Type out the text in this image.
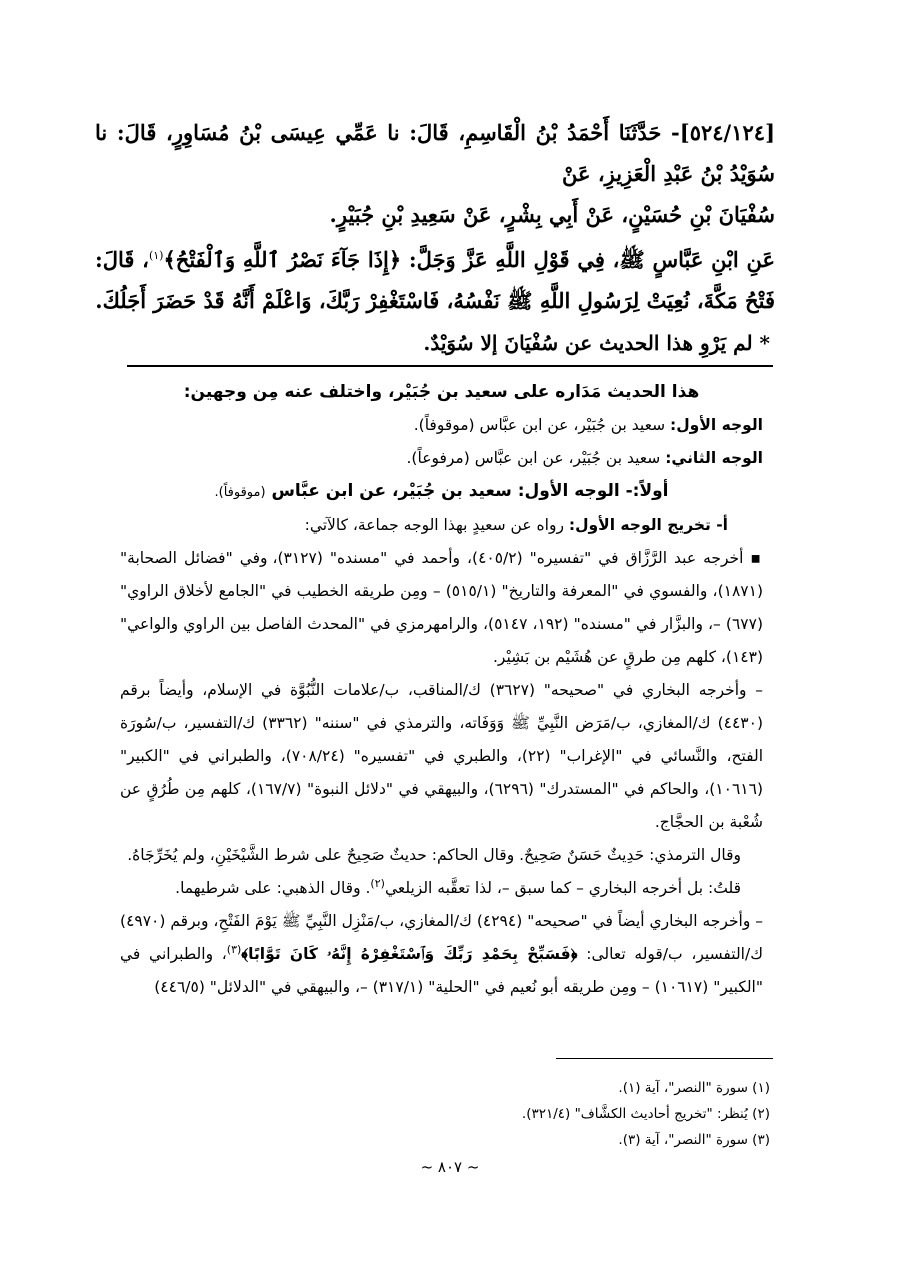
[٥٢٤/١٢٤]- حَدَّثَنَا أَحْمَدُ بْنُ الْقَاسِمِ، قَالَ: نا عَمِّي عِيسَى بْنُ مُسَاوِرٍ، قَالَ: نا سُوَيْدُ بْنُ عَبْدِ الْعَزِيزِ، عَنْ

سُفْيَانَ بْنِ حُسَيْنٍ، عَنْ أَبِي بِشْرٍ، عَنْ سَعِيدِ بْنِ جُبَيْرٍ.

عَنِ ابْنِ عَبَّاسٍ ﷺ، فِي قَوْلِ اللَّهِ عَزَّ وَجَلَّ: ﴿إِذَا جَآءَ نَصْرُ ٱللَّهِ وَٱلْفَتْحُ﴾$^{(١)}$، قَالَ: فَتْحُ مَكَّةَ، نُعِيَتْ لِرَسُولِ اللَّهِ ﷺ نَفْسُهُ، فَاسْتَغْفِرْ رَبَّكَ، وَاعْلَمْ أَنَّهُ قَدْ حَضَرَ أَجَلُكَ.

* لم يَرْوِ هذا الحديث عن سُفْيَانَ إلا سُوَيْدٌ.

هذا الحديث مَدَاره على سعيد بن جُبَيْر، واختلف عنه مِن وجهين:

الوجه الأول: سعيد بن جُبَيْر، عن ابن عبَّاس (موقوفاً).

الوجه الثاني: سعيد بن جُبَيْر، عن ابن عبَّاس (مرفوعاً).

أولاً:- الوجه الأول: سعيد بن جُبَيْر، عن ابن عبَّاس (موقوفاً).

أ- تخريج الوجه الأول: رواه عن سعيدٍ بهذا الوجه جماعة، كالآتي:

▪ أخرجه عبد الرَّزَّاق في "تفسيره" (٤٠٥/٢)، وأحمد في "مسنده" (٣١٢٧)، وفي "فضائل الصحابة" (١٨٧١)، والفسوي في "المعرفة والتاريخ" (٥١٥/١) – ومِن طريقه الخطيب في "الجامع لأخلاق الراوي" (٦٧٧) –، والبزَّار في "مسنده" (١٩٢، ٥١٤٧)، والرامهرمزي في "المحدث الفاصل بين الراوي والواعي" (١٤٣)، كلهم مِن طرقٍ عن هُشَيْم بن بَشِيْر.

– وأخرجه البخاري في "صحيحه" (٣٦٢٧) ك/المناقب، ب/علامات النُّبُوَّة في الإسلام، وأيضاً برقم (٤٤٣٠) ك/المغازي، ب/مَرَض النَّبِيِّ ﷺ وَوَفَاته، والترمذي في "سننه" (٣٣٦٢) ك/التفسير، ب/سُورَة الفتح، والنَّسائي في "الإغراب" (٢٢)، والطبري في "تفسيره" (٧٠٨/٢٤)، والطبراني في "الكبير" (١٠٦١٦)، والحاكم في "المستدرك" (٦٢٩٦)، والبيهقي في "دلائل النبوة" (١٦٧/٧)، كلهم مِن طُرُقٍ عن شُعْبة بن الحجَّاج.

وقال الترمذي: حَدِيثٌ حَسَنٌ صَحِيحٌ. وقال الحاكم: حديثٌ صَحِيحٌ على شرط الشَّيْخَيْنِ، ولم يُخَرِّجَاهُ.

قلتُ: بل أخرجه البخاري – كما سبق –، لذا تعقَّبه الزيلعي$^{(٢)}$. وقال الذهبي: على شرطيهما.

– وأخرجه البخاري أيضاً في "صحيحه" (٤٢٩٤) ك/المغازي، ب/مَنْزِل النَّبِيِّ ﷺ يَوْمَ الفَتْحِ، وبرقم (٤٩٧٠) ك/التفسير، ب/قوله تعالى: ﴿فَسَبِّحْ بِحَمْدِ رَبِّكَ وَٱسْتَغْفِرْهُ إِنَّهُۥ كَانَ تَوَّابًا﴾$^{(٣)}$، والطبراني في "الكبير" (١٠٦١٧) – ومِن طريقه أبو نُعيم في "الحلية" (٣١٧/١) –، والبيهقي في "الدلائل" (٤٤٦/٥)

(١) سورة "النصر"، آية (١).

(٢) يُنظر: "تخريج أحاديث الكشَّاف" (٣٢١/٤).

(٣) سورة "النصر"، آية (٣).

~ ٨٠٧ ~
